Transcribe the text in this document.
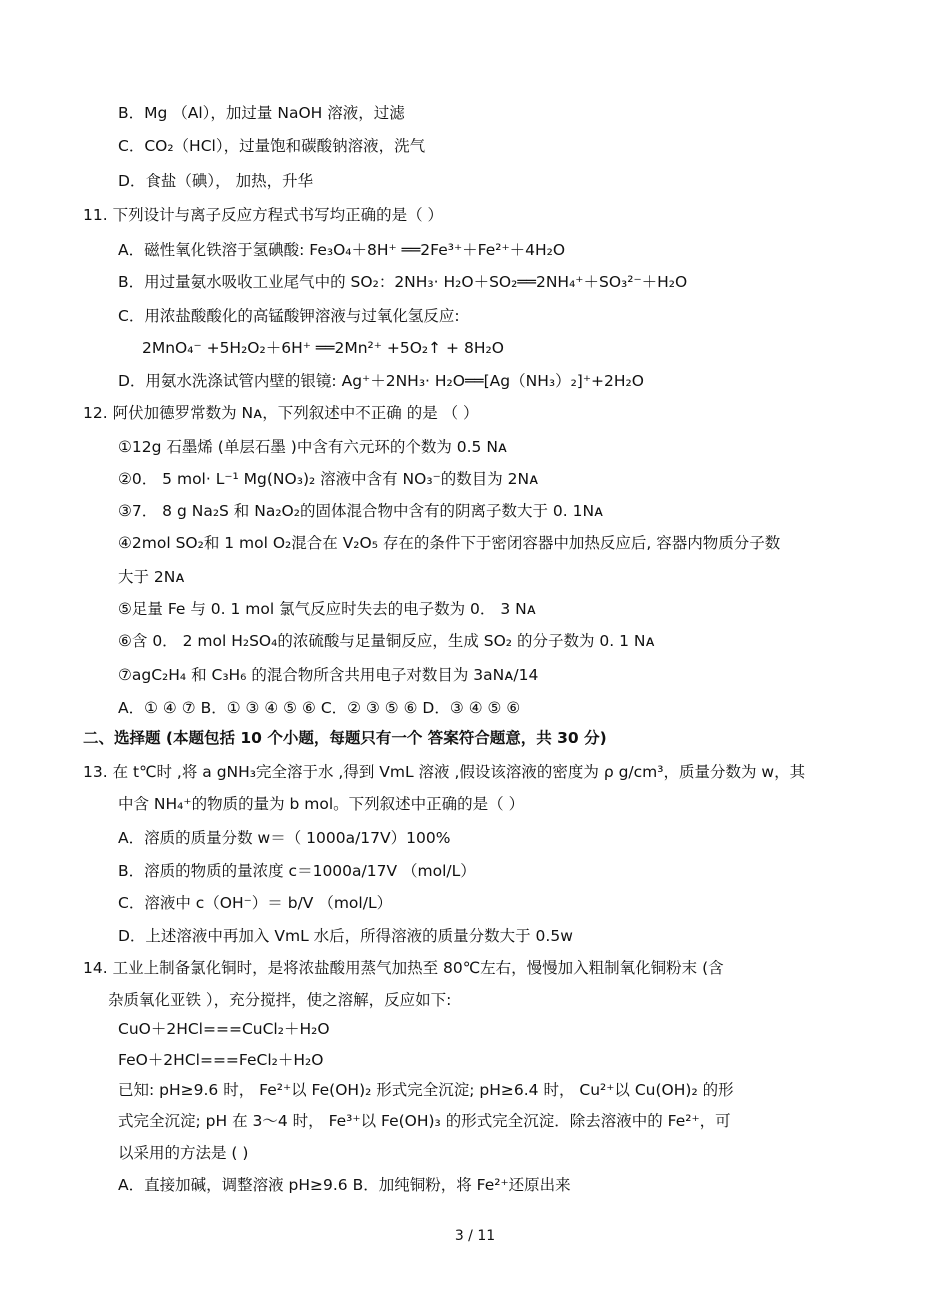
B．Mg （Al），加过量 NaOH 溶液，过滤
C．CO₂（HCl），过量饱和碳酸钠溶液，洗气
D．食盐（碘）， 加热，升华
11. 下列设计与离子反应方程式书写均正确的是（ ）
A．磁性氧化铁溶于氢碘酸: Fe₃O₄＋8H⁺ ══2Fe³⁺＋Fe²⁺＋4H₂O
B．用过量氨水吸收工业尾气中的 SO₂：2NH₃· H₂O＋SO₂══2NH₄⁺＋SO₃²⁻＋H₂O
C．用浓盐酸酸化的高锰酸钾溶液与过氧化氢反应:
2MnO₄⁻ +5H₂O₂＋6H⁺ ══2Mn²⁺ +5O₂↑ + 8H₂O
D．用氨水洗涤试管内壁的银镜: Ag⁺＋2NH₃· H₂O══[Ag（NH₃）₂]⁺+2H₂O
12. 阿伏加德罗常数为 Nᴀ，下列叙述中不正确 的是 （ ）
①12g 石墨烯 (单层石墨 )中含有六元环的个数为 0.5 Nᴀ
②0． 5 mol· L⁻¹ Mg(NO₃)₂ 溶液中含有 NO₃⁻的数目为 2Nᴀ
③7． 8 g Na₂S 和 Na₂O₂的固体混合物中含有的阴离子数大于 0. 1Nᴀ
④2mol SO₂和 1 mol O₂混合在 V₂O₅ 存在的条件下于密闭容器中加热反应后, 容器内物质分子数
大于 2Nᴀ
⑤足量 Fe 与 0. 1 mol 氯气反应时失去的电子数为 0． 3 Nᴀ
⑥含 0． 2 mol H₂SO₄的浓硫酸与足量铜反应，生成 SO₂ 的分子数为 0. 1 Nᴀ
⑦agC₂H₄ 和 C₃H₆ 的混合物所含共用电子对数目为 3aNᴀ/14
A．① ④ ⑦ B．① ③ ④ ⑤ ⑥ C．② ③ ⑤ ⑥ D．③ ④ ⑤ ⑥
二、选择题 (本题包括 10 个小题，每题只有一个 答案符合题意，共 30 分)
13. 在 t℃时 ,将 a gNH₃完全溶于水 ,得到 VmL 溶液 ,假设该溶液的密度为 ρ g/cm³，质量分数为 w，其
中含 NH₄⁺的物质的量为 b mol。下列叙述中正确的是（ ）
A．溶质的质量分数 w＝（ 1000a/17V）100%
B．溶质的物质的量浓度 c＝1000a/17V （mol/L）
C．溶液中 c（OH⁻）＝ b/V （mol/L）
D．上述溶液中再加入 VmL 水后，所得溶液的质量分数大于 0.5w
14. 工业上制备氯化铜时，是将浓盐酸用蒸气加热至 80℃左右，慢慢加入粗制氧化铜粉末 (含
杂质氧化亚铁 ），充分搅拌，使之溶解，反应如下:
CuO＋2HCl===CuCl₂＋H₂O
FeO＋2HCl===FeCl₂＋H₂O
已知: pH≥9.6 时， Fe²⁺以 Fe(OH)₂ 形式完全沉淀; pH≥6.4 时， Cu²⁺以 Cu(OH)₂ 的形
式完全沉淀; pH 在 3～4 时， Fe³⁺以 Fe(OH)₃ 的形式完全沉淀．除去溶液中的 Fe²⁺，可
以采用的方法是 ( )
A．直接加碱，调整溶液 pH≥9.6 B．加纯铜粉，将 Fe²⁺还原出来
3 / 11
